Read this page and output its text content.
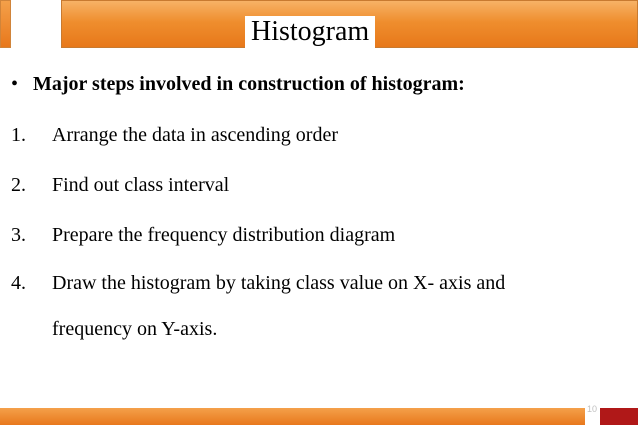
Histogram
• Major steps involved in construction of histogram:
1. Arrange the data in ascending order
2. Find out class interval
3. Prepare the frequency distribution diagram
4. Draw the histogram by taking class value on X- axis and
frequency on Y-axis.
10
